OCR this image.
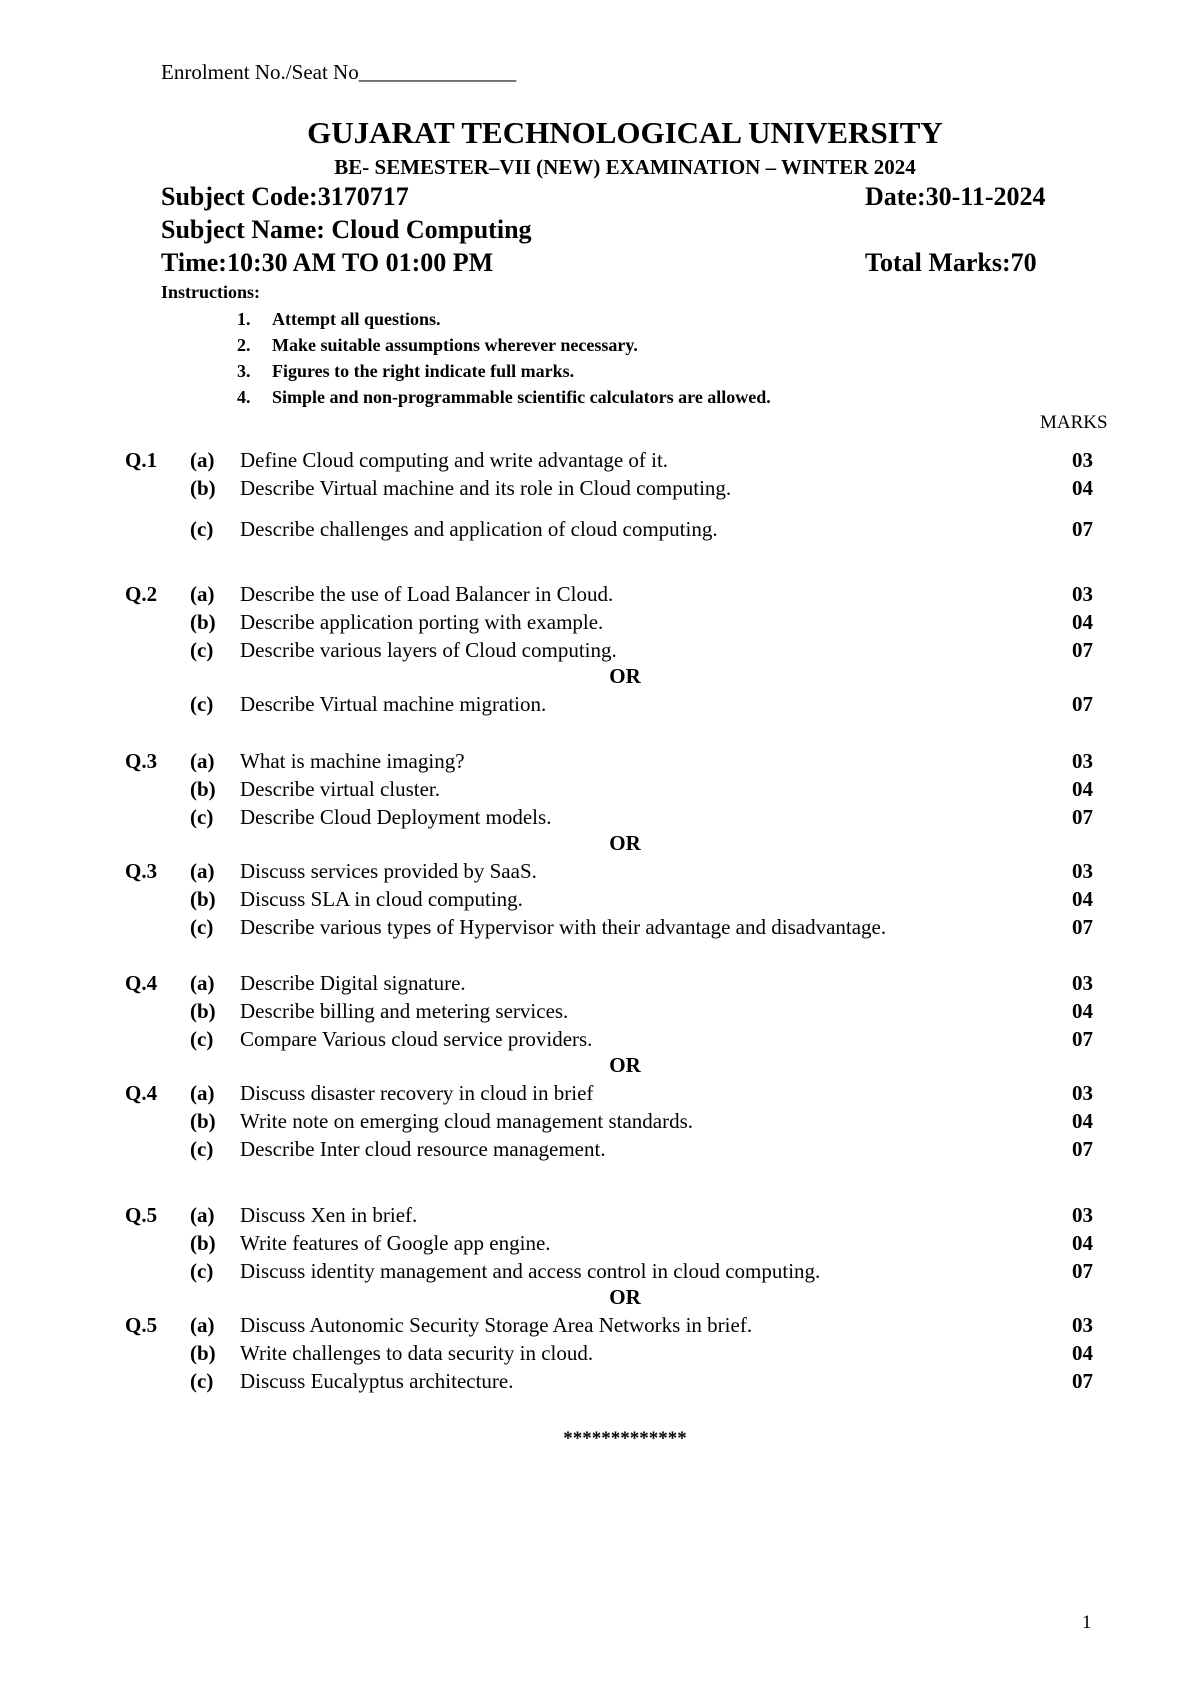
Enrolment No./Seat No_______________
GUJARAT TECHNOLOGICAL UNIVERSITY
BE- SEMESTER–VII (NEW) EXAMINATION – WINTER 2024
Subject Code:3170717	Date:30-11-2024
Subject Name: Cloud Computing
Time:10:30 AM TO 01:00 PM	Total Marks:70
Instructions:
1. Attempt all questions.
2. Make suitable assumptions wherever necessary.
3. Figures to the right indicate full marks.
4. Simple and non-programmable scientific calculators are allowed.
MARKS
Q.1 (a) Define Cloud computing and write advantage of it.	03
(b) Describe Virtual machine and its role in Cloud computing.	04
(c) Describe challenges and application of cloud computing.	07
Q.2 (a) Describe the use of Load Balancer in Cloud.	03
(b) Describe application porting with example.	04
(c) Describe various layers of Cloud computing.	07
OR
(c) Describe Virtual machine migration.	07
Q.3 (a) What is machine imaging?	03
(b) Describe virtual cluster.	04
(c) Describe Cloud Deployment models.	07
OR
Q.3 (a) Discuss services provided by SaaS.	03
(b) Discuss SLA in cloud computing.	04
(c) Describe various types of Hypervisor with their advantage and disadvantage.	07
Q.4 (a) Describe Digital signature.	03
(b) Describe billing and metering services.	04
(c) Compare Various cloud service providers.	07
OR
Q.4 (a) Discuss disaster recovery in cloud in brief	03
(b) Write note on emerging cloud management standards.	04
(c) Describe Inter cloud resource management.	07
Q.5 (a) Discuss Xen in brief.	03
(b) Write features of Google app engine.	04
(c) Discuss identity management and access control in cloud computing.	07
OR
Q.5 (a) Discuss Autonomic Security Storage Area Networks in brief.	03
(b) Write challenges to data security in cloud.	04
(c) Discuss Eucalyptus architecture.	07
*************
1
